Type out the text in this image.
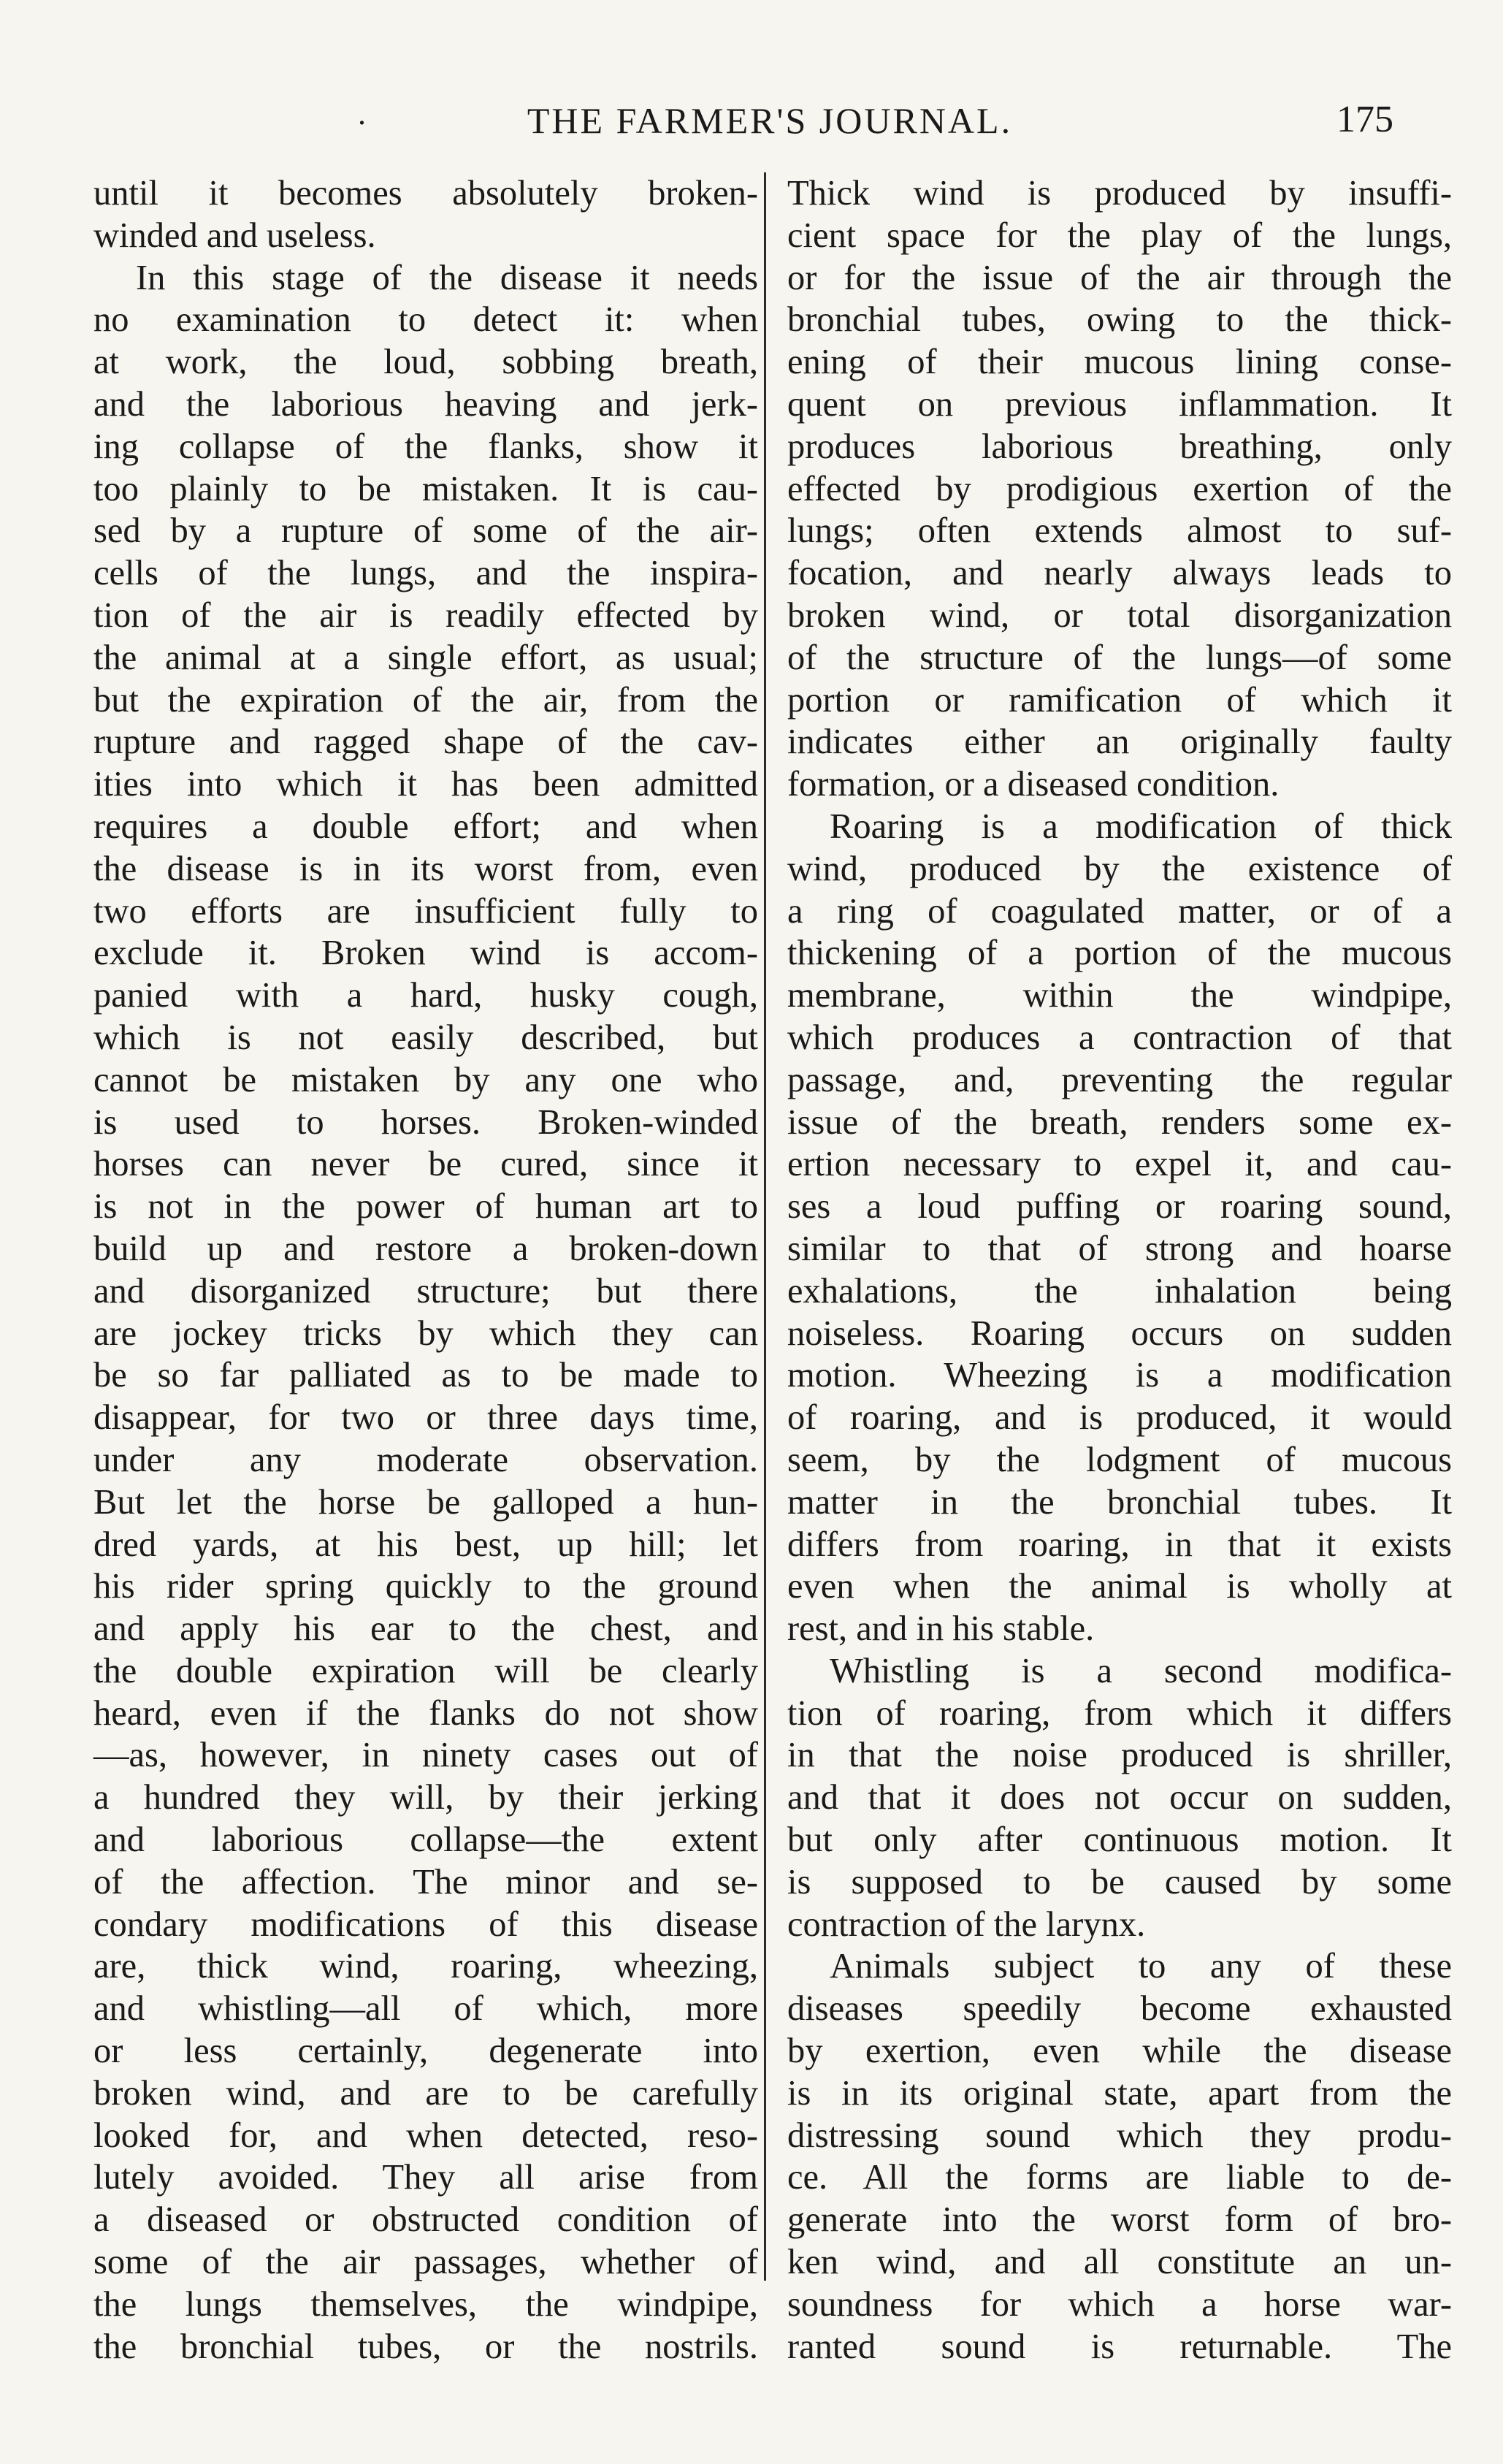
.	THE FARMER'S JOURNAL.	175
until it becomes absolutely broken-
winded and useless.
In this stage of the disease it needs
no examination to detect it: when
at work, the loud, sobbing breath,
and the laborious heaving and jerk-
ing collapse of the flanks, show it
too plainly to be mistaken. It is cau-
sed by a rupture of some of the air-
cells of the lungs, and the inspira-
tion of the air is readily effected by
the animal at a single effort, as usual;
but the expiration of the air, from the
rupture and ragged shape of the cav-
ities into which it has been admitted
requires a double effort; and when
the disease is in its worst from, even
two efforts are insufficient fully to
exclude it. Broken wind is accom-
panied with a hard, husky cough,
which is not easily described, but
cannot be mistaken by any one who
is used to horses. Broken-winded
horses can never be cured, since it
is not in the power of human art to
build up and restore a broken-down
and disorganized structure; but there
are jockey tricks by which they can
be so far palliated as to be made to
disappear, for two or three days time,
under any moderate observation.
But let the horse be galloped a hun-
dred yards, at his best, up hill; let
his rider spring quickly to the ground
and apply his ear to the chest, and
the double expiration will be clearly
heard, even if the flanks do not show
—as, however, in ninety cases out of
a hundred they will, by their jerking
and laborious collapse—the extent
of the affection. The minor and se-
condary modifications of this disease
are, thick wind, roaring, wheezing,
and whistling—all of which, more
or less certainly, degenerate into
broken wind, and are to be carefully
looked for, and when detected, reso-
lutely avoided. They all arise from
a diseased or obstructed condition of
some of the air passages, whether of
the lungs themselves, the windpipe,
the bronchial tubes, or the nostrils.
Thick wind is produced by insuffi-
cient space for the play of the lungs,
or for the issue of the air through the
bronchial tubes, owing to the thick-
ening of their mucous lining conse-
quent on previous inflammation. It
produces laborious breathing, only
effected by prodigious exertion of the
lungs; often extends almost to suf-
focation, and nearly always leads to
broken wind, or total disorganization
of the structure of the lungs—of some
portion or ramification of which it
indicates either an originally faulty
formation, or a diseased condition.
Roaring is a modification of thick
wind, produced by the existence of
a ring of coagulated matter, or of a
thickening of a portion of the mucous
membrane, within the windpipe,
which produces a contraction of that
passage, and, preventing the regular
issue of the breath, renders some ex-
ertion necessary to expel it, and cau-
ses a loud puffing or roaring sound,
similar to that of strong and hoarse
exhalations, the inhalation being
noiseless. Roaring occurs on sudden
motion. Wheezing is a modification
of roaring, and is produced, it would
seem, by the lodgment of mucous
matter in the bronchial tubes. It
differs from roaring, in that it exists
even when the animal is wholly at
rest, and in his stable.
Whistling is a second modifica-
tion of roaring, from which it differs
in that the noise produced is shriller,
and that it does not occur on sudden,
but only after continuous motion. It
is supposed to be caused by some
contraction of the larynx.
Animals subject to any of these
diseases speedily become exhausted
by exertion, even while the disease
is in its original state, apart from the
distressing sound which they produ-
ce. All the forms are liable to de-
generate into the worst form of bro-
ken wind, and all constitute an un-
soundness for which a horse war-
ranted sound is returnable. The
